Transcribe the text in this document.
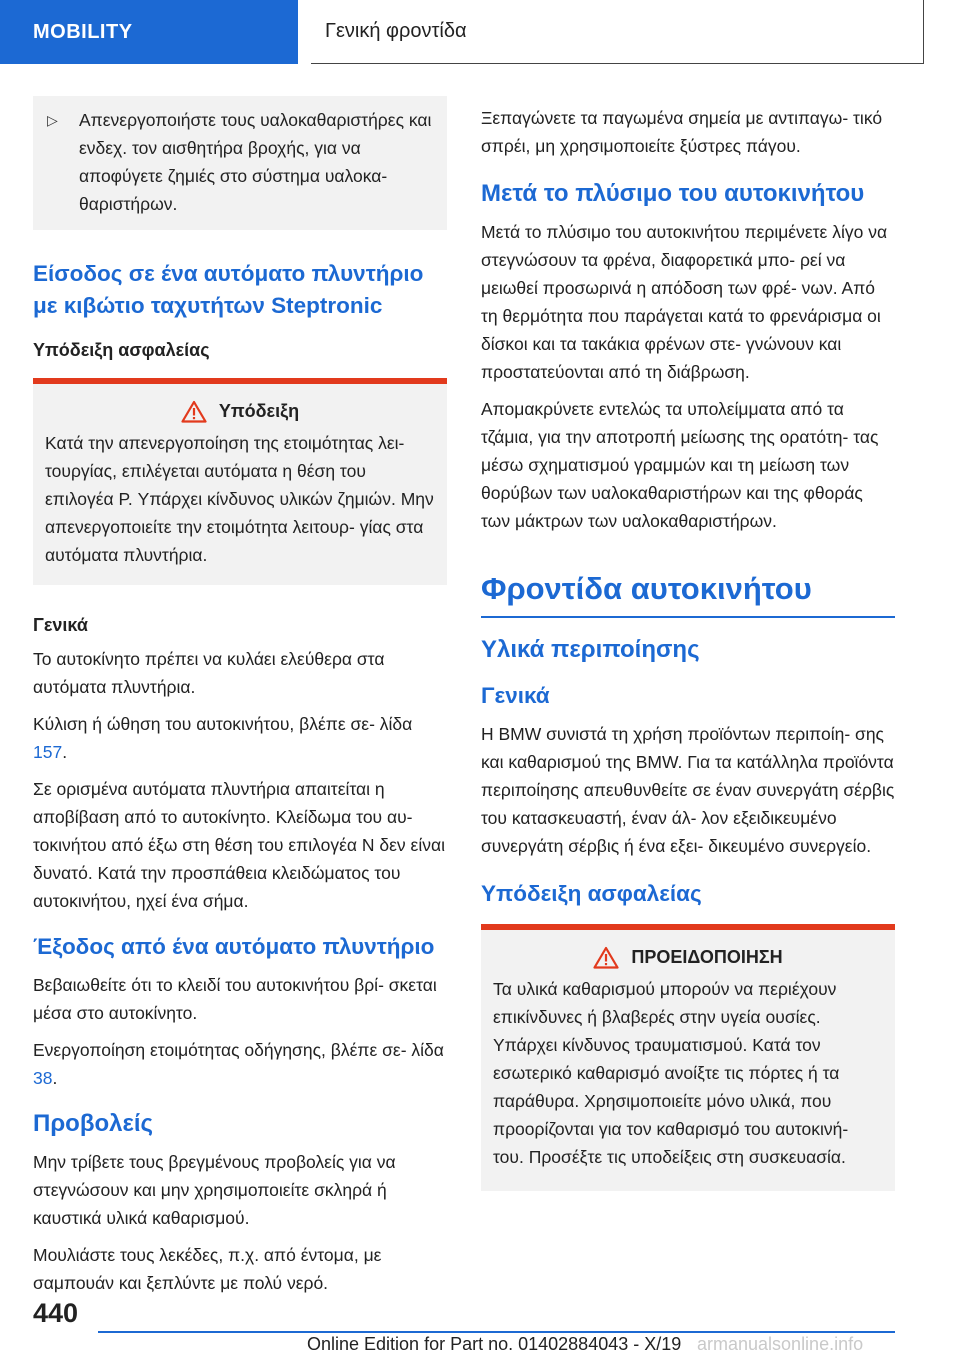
MOBILITY	Γενική φροντίδα
▷	Απενεργοποιήστε τους υαλοκαθαριστήρες και ενδεχ. τον αισθητήρα βροχής, για να αποφύγετε ζημιές στο σύστημα υαλοκα‐ θαριστήρων.

Είσοδος σε ένα αυτόματο πλυντήριο με κιβώτιο ταχυτήτων Steptronic
Υπόδειξη ασφαλείας
Υπόδειξη

Κατά την απενεργοποίηση της ετοιμότητας λει‐ τουργίας, επιλέγεται αυτόματα η θέση του επιλογέα P. Υπάρχει κίνδυνος υλικών ζημιών. Μην απενεργοποιείτε την ετοιμότητα λειτουρ‐ γίας στα αυτόματα πλυντήρια.

Γενικά

Το αυτοκίνητο πρέπει να κυλάει ελεύθερα στα αυτόματα πλυντήρια.

Κύλιση ή ώθηση του αυτοκινήτου, βλέπε σε‐ λίδα 157.

Σε ορισμένα αυτόματα πλυντήρια απαιτείται η αποβίβαση από το αυτοκίνητο. Κλείδωμα του αυ‐ τοκινήτου από έξω στη θέση του επιλογέα N δεν είναι δυνατό. Κατά την προσπάθεια κλειδώματος του αυτοκινήτου, ηχεί ένα σήμα.

Έξοδος από ένα αυτόματο πλυντήριο

Βεβαιωθείτε ότι το κλειδί του αυτοκινήτου βρί‐ σκεται μέσα στο αυτοκίνητο.

Ενεργοποίηση ετοιμότητας οδήγησης, βλέπε σε‐ λίδα 38.

Προβολείς

Μην τρίβετε τους βρεγμένους προβολείς για να στεγνώσουν και μην χρησιμοποιείτε σκληρά ή καυστικά υλικά καθαρισμού.

Μουλιάστε τους λεκέδες, π.χ. από έντομα, με σαμπουάν και ξεπλύντε με πολύ νερό.

Ξεπαγώνετε τα παγωμένα σημεία με αντιπαγω‐ τικό σπρέι, μη χρησιμοποιείτε ξύστρες πάγου.

Μετά το πλύσιμο του αυτοκινήτου

Μετά το πλύσιμο του αυτοκινήτου περιμένετε λίγο να στεγνώσουν τα φρένα, διαφορετικά μπο‐ ρεί να μειωθεί προσωρινά η απόδοση των φρέ‐ νων. Από τη θερμότητα που παράγεται κατά το φρενάρισμα οι δίσκοι και τα τακάκια φρένων στε‐ γνώνουν και προστατεύονται από τη διάβρωση.

Απομακρύνετε εντελώς τα υπολείμματα από τα τζάμια, για την αποτροπή μείωσης της ορατότη‐ τας μέσω σχηματισμού γραμμών και τη μείωση των θορύβων των υαλοκαθαριστήρων και της φθοράς των μάκτρων των υαλοκαθαριστήρων.

Φροντίδα αυτοκινήτου
Υλικά περιποίησης
Γενικά

Η BMW συνιστά τη χρήση προϊόντων περιποίη‐ σης και καθαρισμού της BMW. Για τα κατάλληλα προϊόντα περιποίησης απευθυνθείτε σε έναν συνεργάτη σέρβις του κατασκευαστή, έναν άλ‐ λον εξειδικευμένο συνεργάτη σέρβις ή ένα εξει‐ δικευμένο συνεργείο.

Υπόδειξη ασφαλείας
ΠΡΟΕΙΔΟΠΟΙΗΣΗ

Τα υλικά καθαρισμού μπορούν να περιέχουν επικίνδυνες ή βλαβερές στην υγεία ουσίες. Υπάρχει κίνδυνος τραυματισμού. Κατά τον εσωτερικό καθαρισμό ανοίξτε τις πόρτες ή τα παράθυρα. Χρησιμοποιείτε μόνο υλικά, που προορίζονται για τον καθαρισμό του αυτοκινή‐ του. Προσέξτε τις υποδείξεις στη συσκευασία.

440
Online Edition for Part no. 01402884043 - X/19 armanualsonline.info
